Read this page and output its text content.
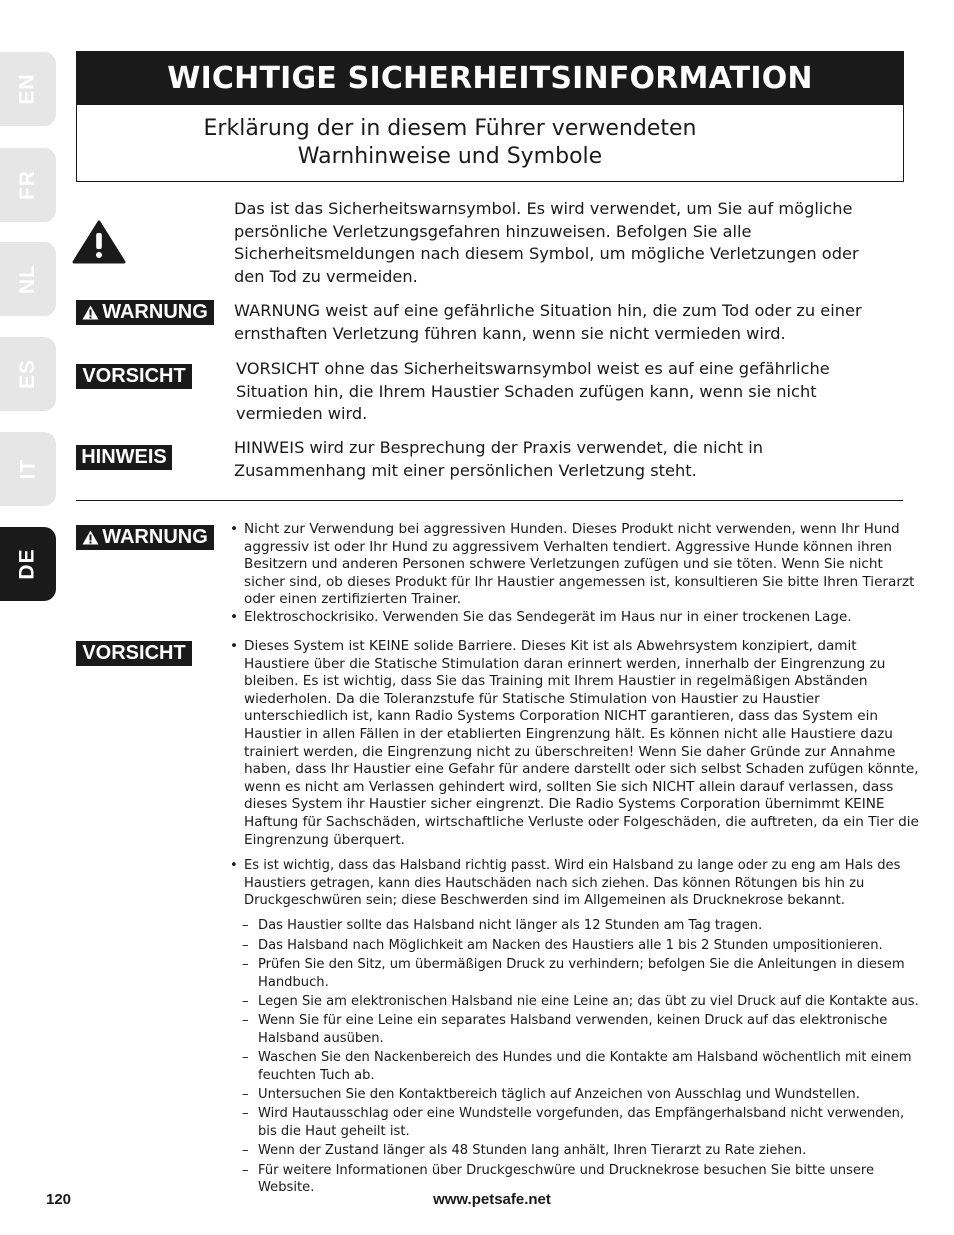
EN
FR
NL
ES
IT
DE
WICHTIGE SICHERHEITSINFORMATION
Erklärung der in diesem Führer verwendeten Warnhinweise und Symbole
Das ist das Sicherheitswarnsymbol. Es wird verwendet, um Sie auf mögliche persönliche Verletzungsgefahren hinzuweisen. Befolgen Sie alle Sicherheitsmeldungen nach diesem Symbol, um mögliche Verletzungen oder den Tod zu vermeiden.
WARNUNG WARNUNG weist auf eine gefährliche Situation hin, die zum Tod oder zu einer ernsthaften Verletzung führen kann, wenn sie nicht vermieden wird.
VORSICHT	VORSICHT ohne das Sicherheitswarnsymbol weist es auf eine gefährliche Situation hin, die Ihrem Haustier Schaden zufügen kann, wenn sie nicht vermieden wird.
HINWEIS	HINWEIS wird zur Besprechung der Praxis verwendet, die nicht in Zusammenhang mit einer persönlichen Verletzung steht.
WARNUNG • Nicht zur Verwendung bei aggressiven Hunden. Dieses Produkt nicht verwenden, wenn Ihr Hund aggressiv ist oder Ihr Hund zu aggressivem Verhalten tendiert. Aggressive Hunde können ihren Besitzern und anderen Personen schwere Verletzungen zufügen und sie töten. Wenn Sie nicht sicher sind, ob dieses Produkt für Ihr Haustier angemessen ist, konsultieren Sie bitte Ihren Tierarzt oder einen zertifizierten Trainer.

• Elektroschockrisiko. Verwenden Sie das Sendegerät im Haus nur in einer trockenen Lage.

VORSICHT	• Dieses System ist KEINE solide Barriere. Dieses Kit ist als Abwehrsystem konzipiert, damit Haustiere über die Statische Stimulation daran erinnert werden, innerhalb der Eingrenzung zu bleiben. Es ist wichtig, dass Sie das Training mit Ihrem Haustier in regelmäßigen Abständen wiederholen. Da die Toleranzstufe für Statische Stimulation von Haustier zu Haustier unterschiedlich ist, kann Radio Systems Corporation NICHT garantieren, dass das System ein Haustier in allen Fällen in der etablierten Eingrenzung hält. Es können nicht alle Haustiere dazu trainiert werden, die Eingrenzung nicht zu überschreiten! Wenn Sie daher Gründe zur Annahme haben, dass Ihr Haustier eine Gefahr für andere darstellt oder sich selbst Schaden zufügen könnte, wenn es nicht am Verlassen gehindert wird, sollten Sie sich NICHT allein darauf verlassen, dass dieses System ihr Haustier sicher eingrenzt. Die Radio Systems Corporation übernimmt KEINE Haftung für Sachschäden, wirtschaftliche Verluste oder Folgeschäden, die auftreten, da ein Tier die Eingrenzung überquert.

• Es ist wichtig, dass das Halsband richtig passt. Wird ein Halsband zu lange oder zu eng am Hals des Haustiers getragen, kann dies Hautschäden nach sich ziehen. Das können Rötungen bis hin zu Druckgeschwüren sein; diese Beschwerden sind im Allgemeinen als Drucknekrose bekannt.

– Das Haustier sollte das Halsband nicht länger als 12 Stunden am Tag tragen.

– Das Halsband nach Möglichkeit am Nacken des Haustiers alle 1 bis 2 Stunden umpositionieren.

– Prüfen Sie den Sitz, um übermäßigen Druck zu verhindern; befolgen Sie die Anleitungen in diesem Handbuch.

– Legen Sie am elektronischen Halsband nie eine Leine an; das übt zu viel Druck auf die Kontakte aus.

– Wenn Sie für eine Leine ein separates Halsband verwenden, keinen Druck auf das elektronische Halsband ausüben.

– Waschen Sie den Nackenbereich des Hundes und die Kontakte am Halsband wöchentlich mit einem feuchten Tuch ab.

– Untersuchen Sie den Kontaktbereich täglich auf Anzeichen von Ausschlag und Wundstellen.

– Wird Hautausschlag oder eine Wundstelle vorgefunden, das Empfängerhalsband nicht verwenden, bis die Haut geheilt ist.

– Wenn der Zustand länger als 48 Stunden lang anhält, Ihren Tierarzt zu Rate ziehen.

– Für weitere Informationen über Druckgeschwüre und Drucknekrose besuchen Sie bitte unsere Website.

120	www.petsafe.net
